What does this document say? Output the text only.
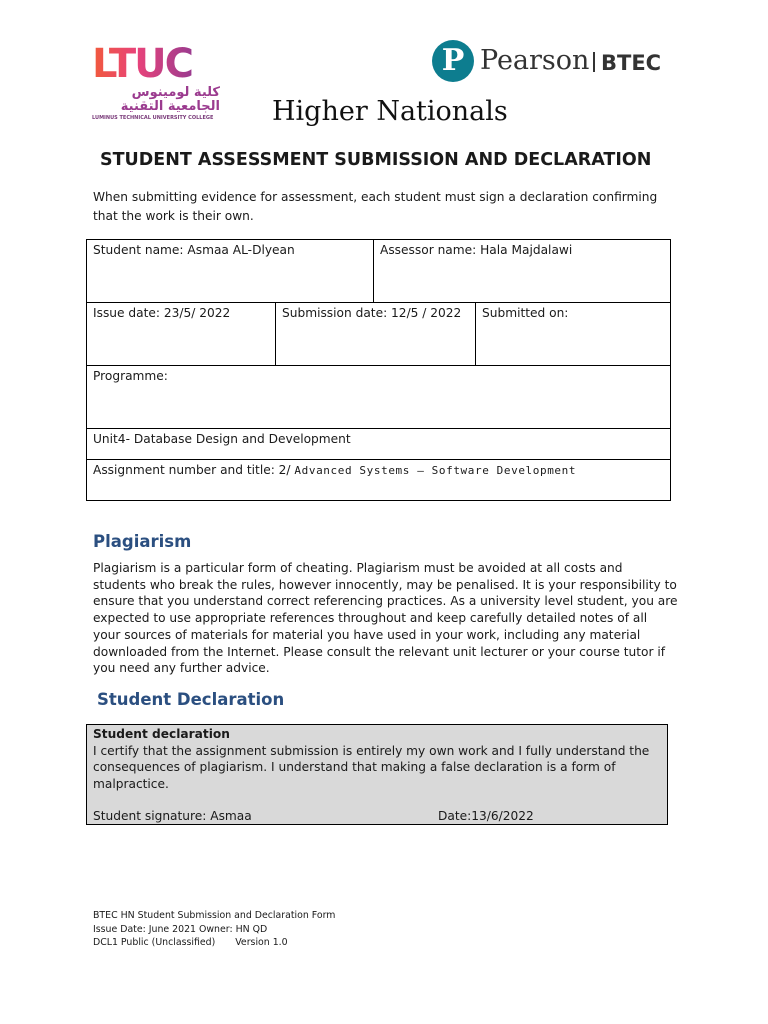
LTUC
كلية لومينوس الجامعية التقنية
LUMINUS TECHNICAL UNIVERSITY COLLEGE
P Pearson BTEC
Higher Nationals
STUDENT ASSESSMENT SUBMISSION AND DECLARATION
When submitting evidence for assessment, each student must sign a declaration confirming that the work is their own.
Student name: Asmaa AL-Dlyean	Assessor name: Hala Majdalawi
Issue date: 23/5/ 2022	Submission date: 12/5 / 2022	Submitted on:
Programme:
Unit4- Database Design and Development
Assignment number and title: 2/ Advanced Systems – Software Development
Plagiarism
Plagiarism is a particular form of cheating. Plagiarism must be avoided at all costs and students who break the rules, however innocently, may be penalised. It is your responsibility to ensure that you understand correct referencing practices. As a university level student, you are expected to use appropriate references throughout and keep carefully detailed notes of all your sources of materials for material you have used in your work, including any material downloaded from the Internet. Please consult the relevant unit lecturer or your course tutor if you need any further advice.
Student Declaration
Student declaration
I certify that the assignment submission is entirely my own work and I fully understand the consequences of plagiarism. I understand that making a false declaration is a form of malpractice.
Student signature: Asmaa	Date:13/6/2022
BTEC HN Student Submission and Declaration Form
Issue Date: June 2021 Owner: HN QD
DCL1 Public (Unclassified) Version 1.0
